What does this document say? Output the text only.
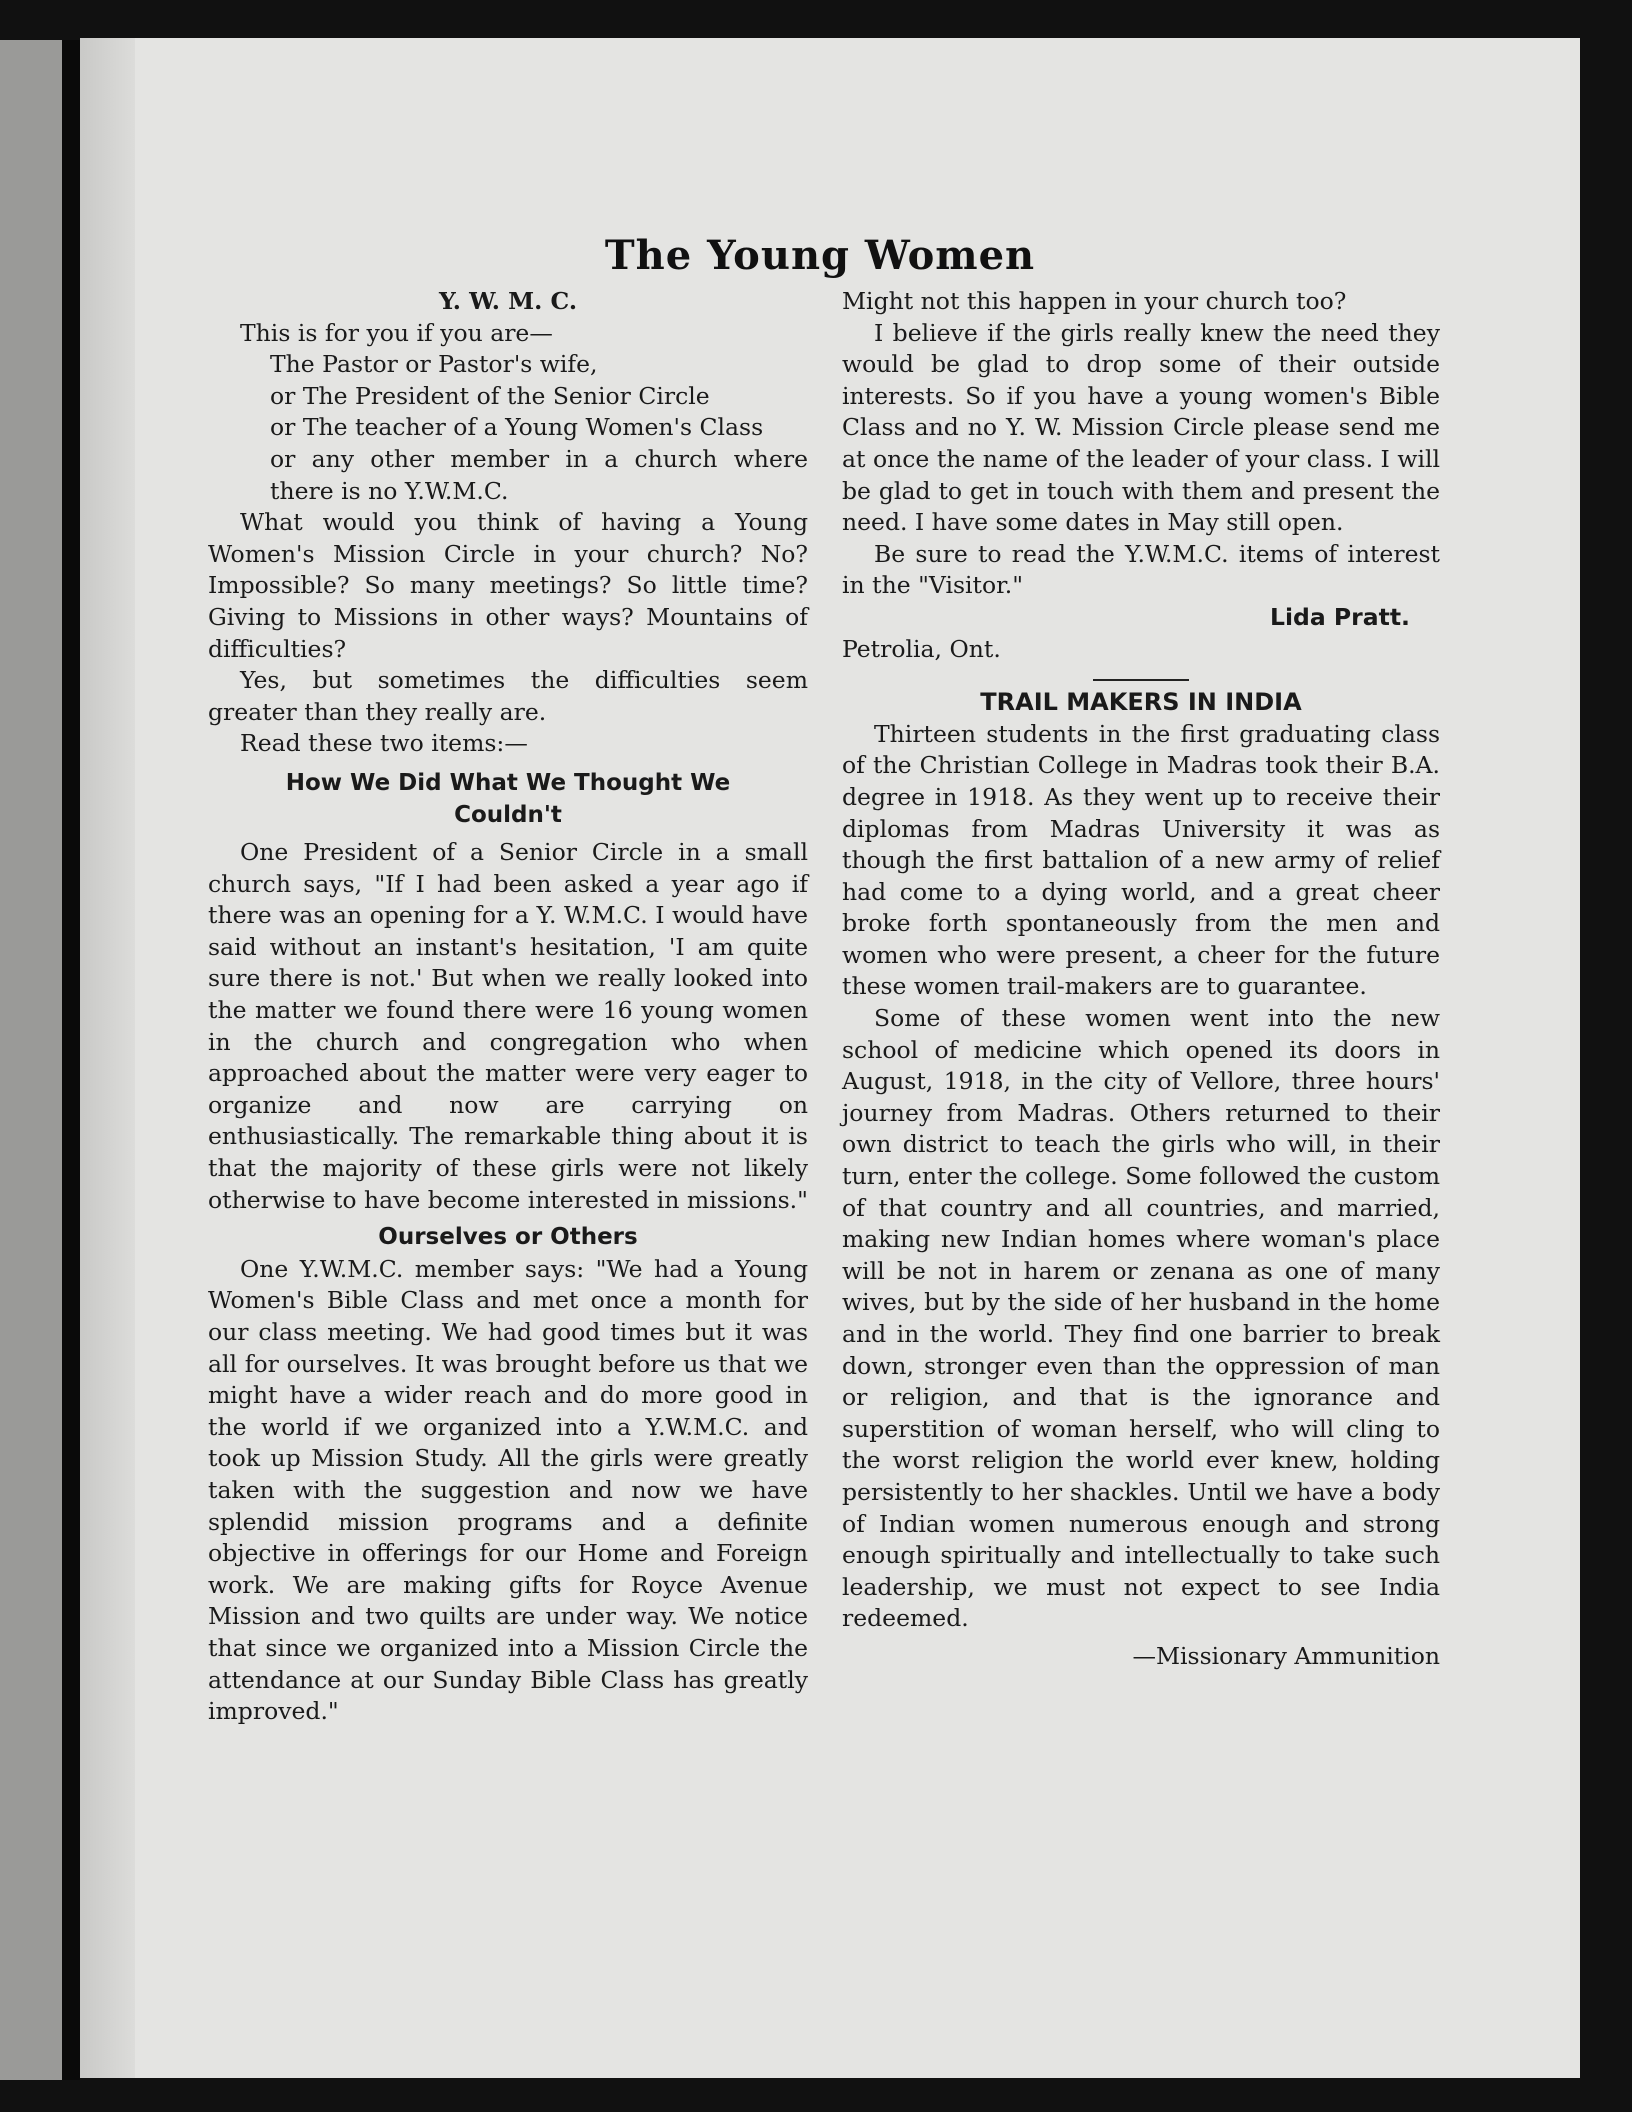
The Young Women

Y. W. M. C.

This is for you if you are—

The Pastor or Pastor's wife,

or The President of the Senior Circle

or The teacher of a Young Women's Class

or any other member in a church where there is no Y.W.M.C.

What would you think of having a Young Women's Mission Circle in your church? No? Impossible? So many meetings? So little time? Giving to Missions in other ways? Mountains of difficulties?

Yes, but sometimes the difficulties seem greater than they really are.

Read these two items:—

How We Did What We Thought We Couldn't

One President of a Senior Circle in a small church says, "If I had been asked a year ago if there was an opening for a Y. W.M.C. I would have said without an instant's hesitation, 'I am quite sure there is not.' But when we really looked into the matter we found there were 16 young women in the church and congregation who when approached about the matter were very eager to organize and now are carrying on enthusiastically. The remarkable thing about it is that the majority of these girls were not likely otherwise to have become interested in missions."

Ourselves or Others

One Y.W.M.C. member says: "We had a Young Women's Bible Class and met once a month for our class meeting. We had good times but it was all for ourselves. It was brought before us that we might have a wider reach and do more good in the world if we organized into a Y.W.M.C. and took up Mission Study. All the girls were greatly taken with the suggestion and now we have splendid mission programs and a definite objective in offerings for our Home and Foreign work. We are making gifts for Royce Avenue Mission and two quilts are under way. We notice that since we organized into a Mission Circle the attendance at our Sunday Bible Class has greatly improved."

Might not this happen in your church too?

I believe if the girls really knew the need they would be glad to drop some of their outside interests. So if you have a young women's Bible Class and no Y. W. Mission Circle please send me at once the name of the leader of your class. I will be glad to get in touch with them and present the need. I have some dates in May still open.

Be sure to read the Y.W.M.C. items of interest in the "Visitor."

Lida Pratt.

Petrolia, Ont.

TRAIL MAKERS IN INDIA

Thirteen students in the first graduating class of the Christian College in Madras took their B.A. degree in 1918. As they went up to receive their diplomas from Madras University it was as though the first battalion of a new army of relief had come to a dying world, and a great cheer broke forth spontaneously from the men and women who were present, a cheer for the future these women trail-makers are to guarantee.

Some of these women went into the new school of medicine which opened its doors in August, 1918, in the city of Vellore, three hours' journey from Madras. Others returned to their own district to teach the girls who will, in their turn, enter the college. Some followed the custom of that country and all countries, and married, making new Indian homes where woman's place will be not in harem or zenana as one of many wives, but by the side of her husband in the home and in the world. They find one barrier to break down, stronger even than the oppression of man or religion, and that is the ignorance and superstition of woman herself, who will cling to the worst religion the world ever knew, holding persistently to her shackles. Until we have a body of Indian women numerous enough and strong enough spiritually and intellectually to take such leadership, we must not expect to see India redeemed.

—Missionary Ammunition
